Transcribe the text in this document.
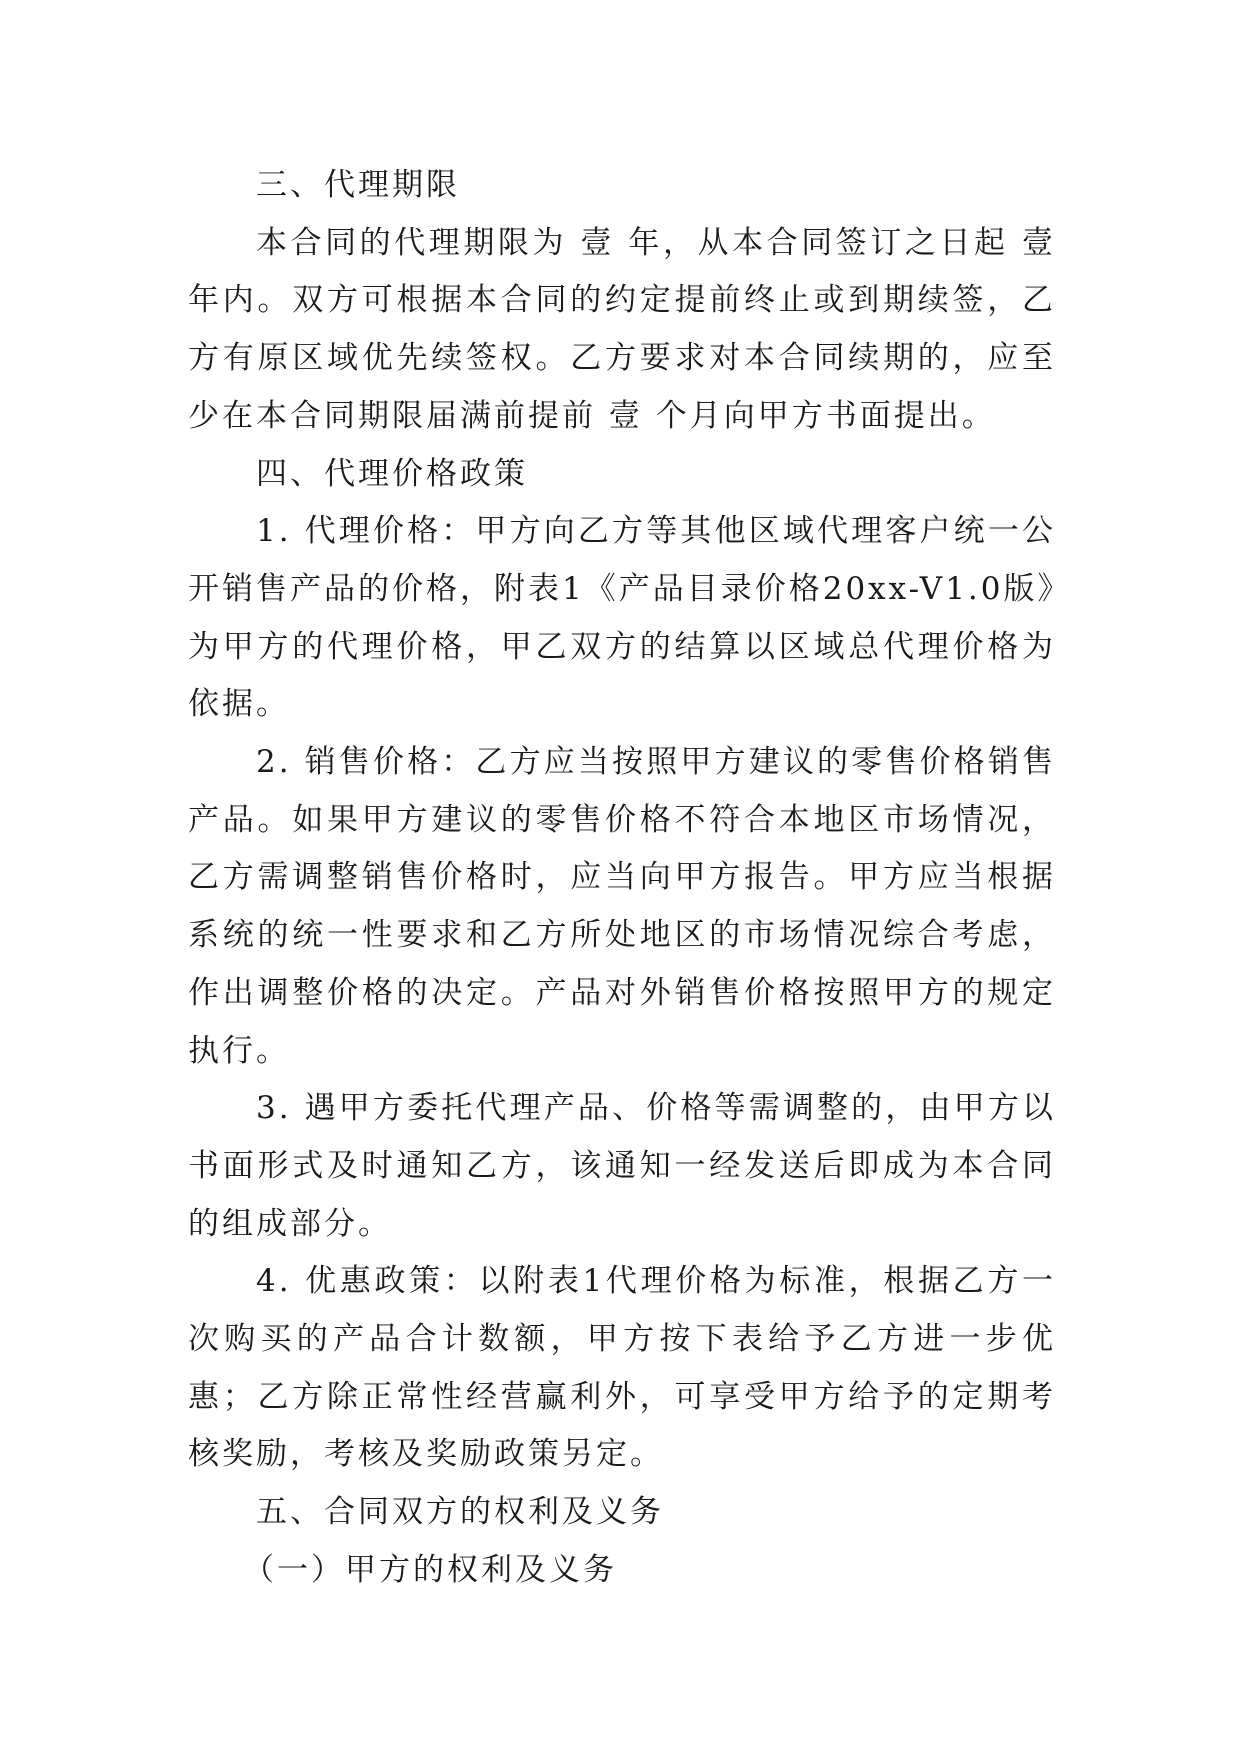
三、代理期限

本合同的代理期限为 壹 年，从本合同签订之日起 壹 年内。双方可根据本合同的约定提前终止或到期续签，乙方有原区域优先续签权。乙方要求对本合同续期的，应至少在本合同期限届满前提前 壹 个月向甲方书面提出。

四、代理价格政策

1. 代理价格：甲方向乙方等其他区域代理客户统一公开销售产品的价格，附表1《产品目录价格20xx-V1.0版》为甲方的代理价格，甲乙双方的结算以区域总代理价格为依据。

2. 销售价格：乙方应当按照甲方建议的零售价格销售产品。如果甲方建议的零售价格不符合本地区市场情况，乙方需调整销售价格时，应当向甲方报告。甲方应当根据系统的统一性要求和乙方所处地区的市场情况综合考虑，作出调整价格的决定。产品对外销售价格按照甲方的规定执行。

3. 遇甲方委托代理产品、价格等需调整的，由甲方以书面形式及时通知乙方，该通知一经发送后即成为本合同的组成部分。

4. 优惠政策：以附表1代理价格为标准，根据乙方一次购买的产品合计数额，甲方按下表给予乙方进一步优惠；乙方除正常性经营赢利外，可享受甲方给予的定期考核奖励，考核及奖励政策另定。

五、合同双方的权利及义务

（一）甲方的权利及义务
